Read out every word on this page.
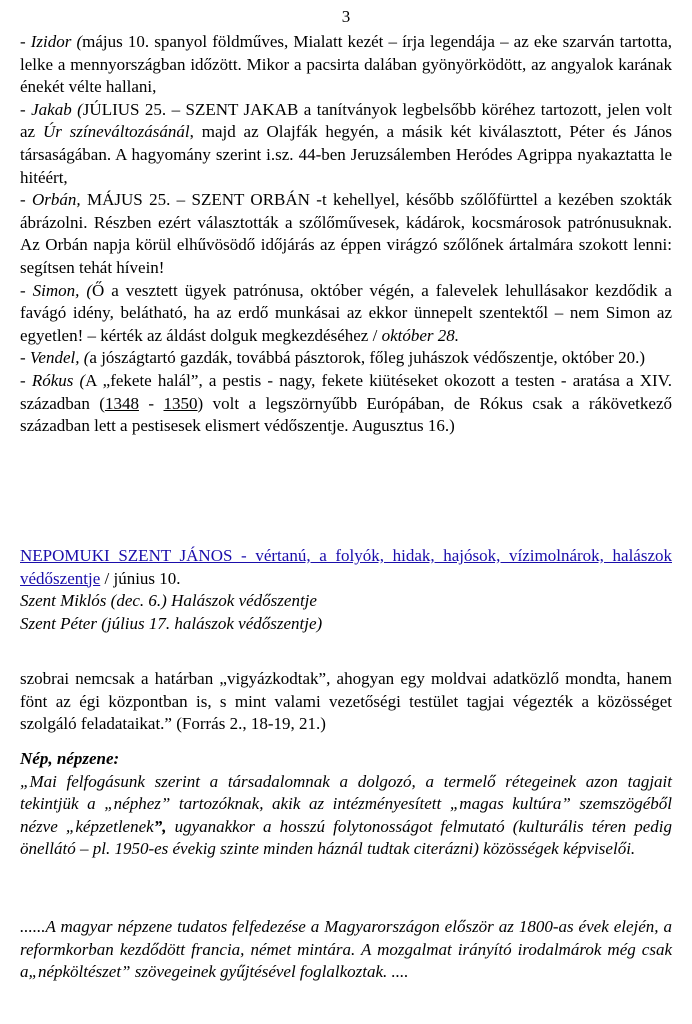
3

- Izidor (május 10. spanyol földműves, Mialatt kezét – írja legendája – az eke szarván tartotta, lelke a mennyországban időzött. Mikor a pacsirta dalában gyönyörködött, az angyalok karának énekét vélte hallani,

- Jakab (JÚLIUS 25. – SZENT JAKAB a tanítványok legbelsőbb köréhez tartozott, jelen volt az Úr színeváltozásánál, majd az Olajfák hegyén, a másik két kiválasztott, Péter és János társaságában. A hagyomány szerint i.sz. 44-ben Jeruzsálemben Heródes Agrippa nyakaztatta le hitéért,

- Orbán, MÁJUS 25. – SZENT ORBÁN -t kehellyel, később szőlőfürttel a kezében szokták ábrázolni. Részben ezért választották a szőlőművesek, kádárok, kocsmárosok patrónusuknak. Az Orbán napja körül elhűvösödő időjárás az éppen virágzó szőlőnek ártalmára szokott lenni: segítsen tehát hívein!

- Simon, (Ő a vesztett ügyek patrónusa, október végén, a falevelek lehullásakor kezdődik a favágó idény, belátható, ha az erdő munkásai az ekkor ünnepelt szentektől – nem Simon az egyetlen! – kérték az áldást dolguk megkezdéséhez / október 28.

- Vendel, (a jószágtartó gazdák, továbbá pásztorok, főleg juhászok védőszentje, október 20.)

- Rókus (A „fekete halál”, a pestis - nagy, fekete kiütéseket okozott a testen - aratása a XIV. században (1348 - 1350) volt a legszörnyűbb Európában, de Rókus csak a rákövetkező században lett a pestisesek elismert védőszentje. Augusztus 16.)

NEPOMUKI SZENT JÁNOS - vértanú, a folyók, hidak, hajósok, vízimolnárok, halászok védőszentje / június 10.

Szent Miklós (dec. 6.) Halászok védőszentje

Szent Péter (július 17. halászok védőszentje)

szobrai nemcsak a határban „vigyázkodtak”, ahogyan egy moldvai adatközlő mondta, hanem fönt az égi központban is, s mint valami vezetőségi testület tagjai végezték a közösséget szolgáló feladataikat.” (Forrás 2., 18-19, 21.)

Nép, népzene:

„Mai felfogásunk szerint a társadalomnak a dolgozó, a termelő rétegeinek azon tagjait tekintjük a „néphez” tartozóknak, akik az intézményesített „magas kultúra” szemszögéből nézve „képzetlenek”, ugyanakkor a hosszú folytonosságot felmutató (kulturális téren pedig önellátó – pl. 1950-es évekig szinte minden háznál tudtak citerázni) közösségek képviselői.

......A magyar népzene tudatos felfedezése a Magyarországon először az 1800-as évek elején, a reformkorban kezdődött francia, német mintára. A mozgalmat irányító irodalmárok még csak a„népköltészet” szövegeinek gyűjtésével foglalkoztak. ....
